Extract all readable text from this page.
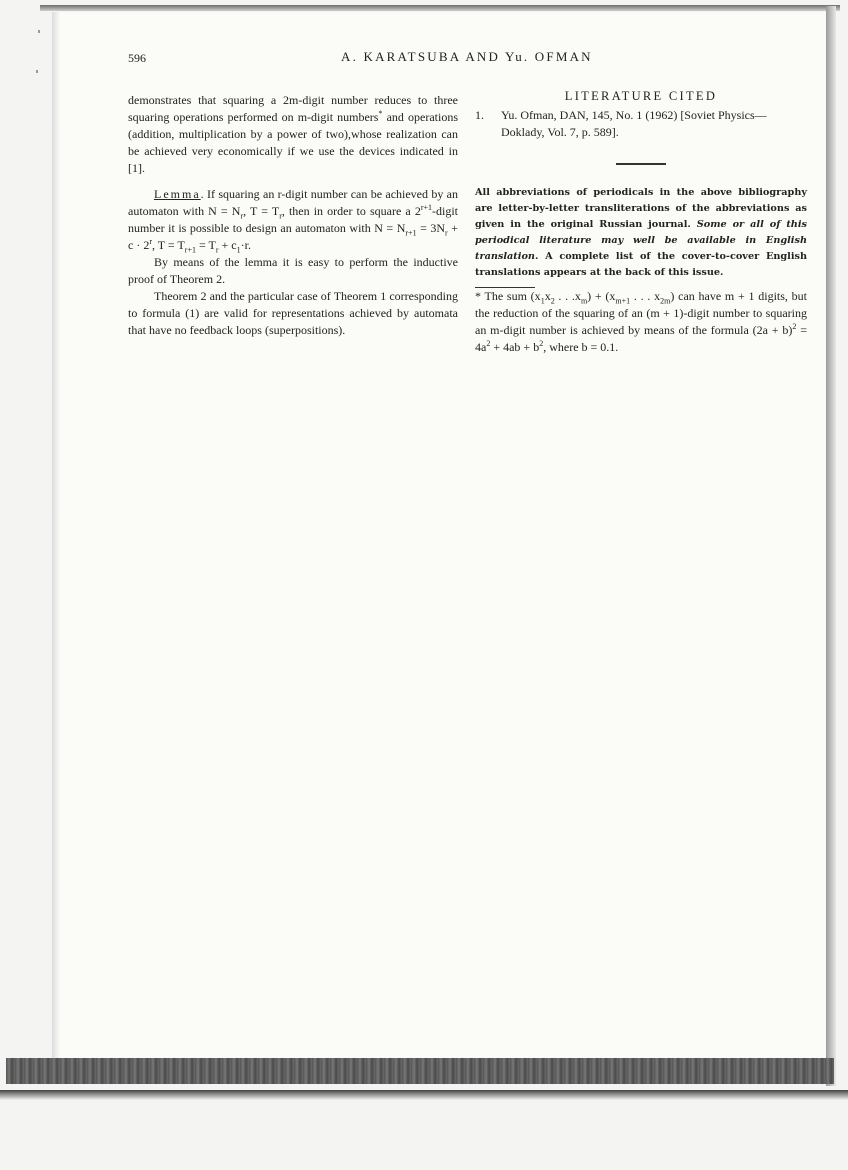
596	A. KARATSUBA AND Yu. OFMAN

demonstrates that squaring a 2m-digit number reduces to three squaring operations performed on m-digit numbers* and operations (addition, multiplication by a power of two),whose realization can be achieved very economically if we use the devices indicated in [1].

Lemma. If squaring an r-digit number can be achieved by an automaton with $N = N_r$, $T = T_r$, then in order to square a $2^{r+1}$-digit number it is possible to design an automaton with $N = N_{r+1} = 3N_r + c \cdot 2^r$, $T = T_{r+1} = T_r + c_1\cdot r$.

By means of the lemma it is easy to perform the inductive proof of Theorem 2.

Theorem 2 and the particular case of Theorem 1 corresponding to formula (1) are valid for representations achieved by automata that have no feedback loops (superpositions).

LITERATURE CITED
1.	Yu. Ofman, DAN, 145, No. 1 (1962) [Soviet Physics—Doklady, Vol. 7, p. 589].
All abbreviations of periodicals in the above bibliography are letter-by-letter transliterations of the abbreviations as given in the original Russian journal. Some or all of this periodical literature may well be available in English translation. A complete list of the cover-to-cover English translations appears at the back of this issue.

* The sum ($x_1x_2$ . . $.x_m) + (x_{m+1}$ . . . $x_{2m}$) can have m + 1 digits, but the reduction of the squaring of an (m + 1)-digit number to squaring an m-digit number is achieved by means of the formula $(2a + b)^2 = 4a^2 + 4ab + b^2$, where b = 0.1.
